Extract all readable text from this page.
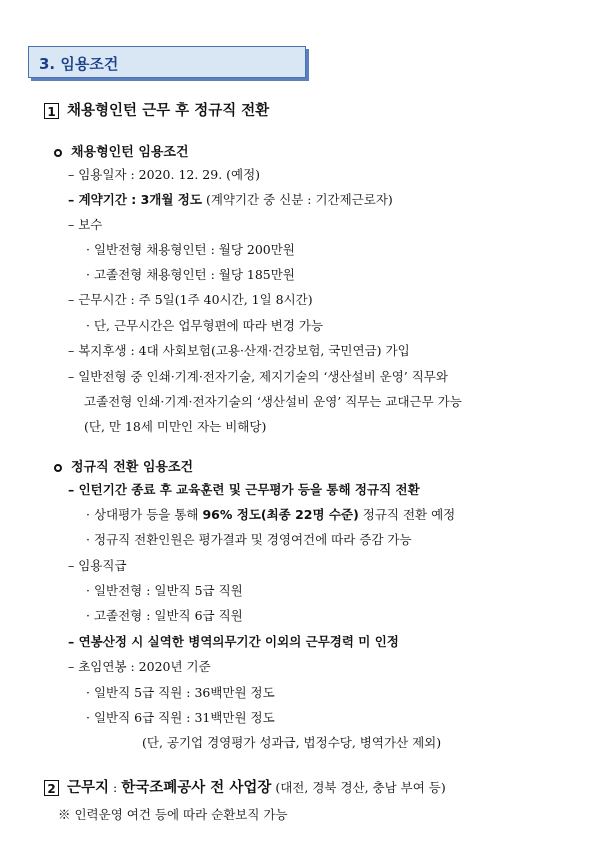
3. 임용조건
1 채용형인턴 근무 후 정규직 전환
채용형인턴 임용조건
– 임용일자 : 2020. 12. 29. (예정)
– 계약기간 : 3개월 정도 (계약기간 중 신분 : 기간제근로자)
– 보수
· 일반전형 채용형인턴 : 월당 200만원
· 고졸전형 채용형인턴 : 월당 185만원
– 근무시간 : 주 5일(1주 40시간, 1일 8시간)
· 단, 근무시간은 업무형편에 따라 변경 가능
– 복지후생 : 4대 사회보험(고용·산재·건강보험, 국민연금) 가입
– 일반전형 중 인쇄·기계·전자기술, 제지기술의 ‘생산설비 운영’ 직무와
고졸전형 인쇄·기계·전자기술의 ‘생산설비 운영’ 직무는 교대근무 가능
(단, 만 18세 미만인 자는 비해당)
정규직 전환 임용조건
– 인턴기간 종료 후 교육훈련 및 근무평가 등을 통해 정규직 전환
· 상대평가 등을 통해 96% 정도(최종 22명 수준) 정규직 전환 예정
· 정규직 전환인원은 평가결과 및 경영여건에 따라 증감 가능
– 임용직급
· 일반전형 : 일반직 5급 직원
· 고졸전형 : 일반직 6급 직원
– 연봉산정 시 실역한 병역의무기간 이외의 근무경력 미 인정
– 초임연봉 : 2020년 기준
· 일반직 5급 직원 : 36백만원 정도
· 일반직 6급 직원 : 31백만원 정도
(단, 공기업 경영평가 성과급, 법정수당, 병역가산 제외)
2 근무지 : 한국조폐공사 전 사업장 (대전, 경북 경산, 충남 부여 등)
※ 인력운영 여건 등에 따라 순환보직 가능
